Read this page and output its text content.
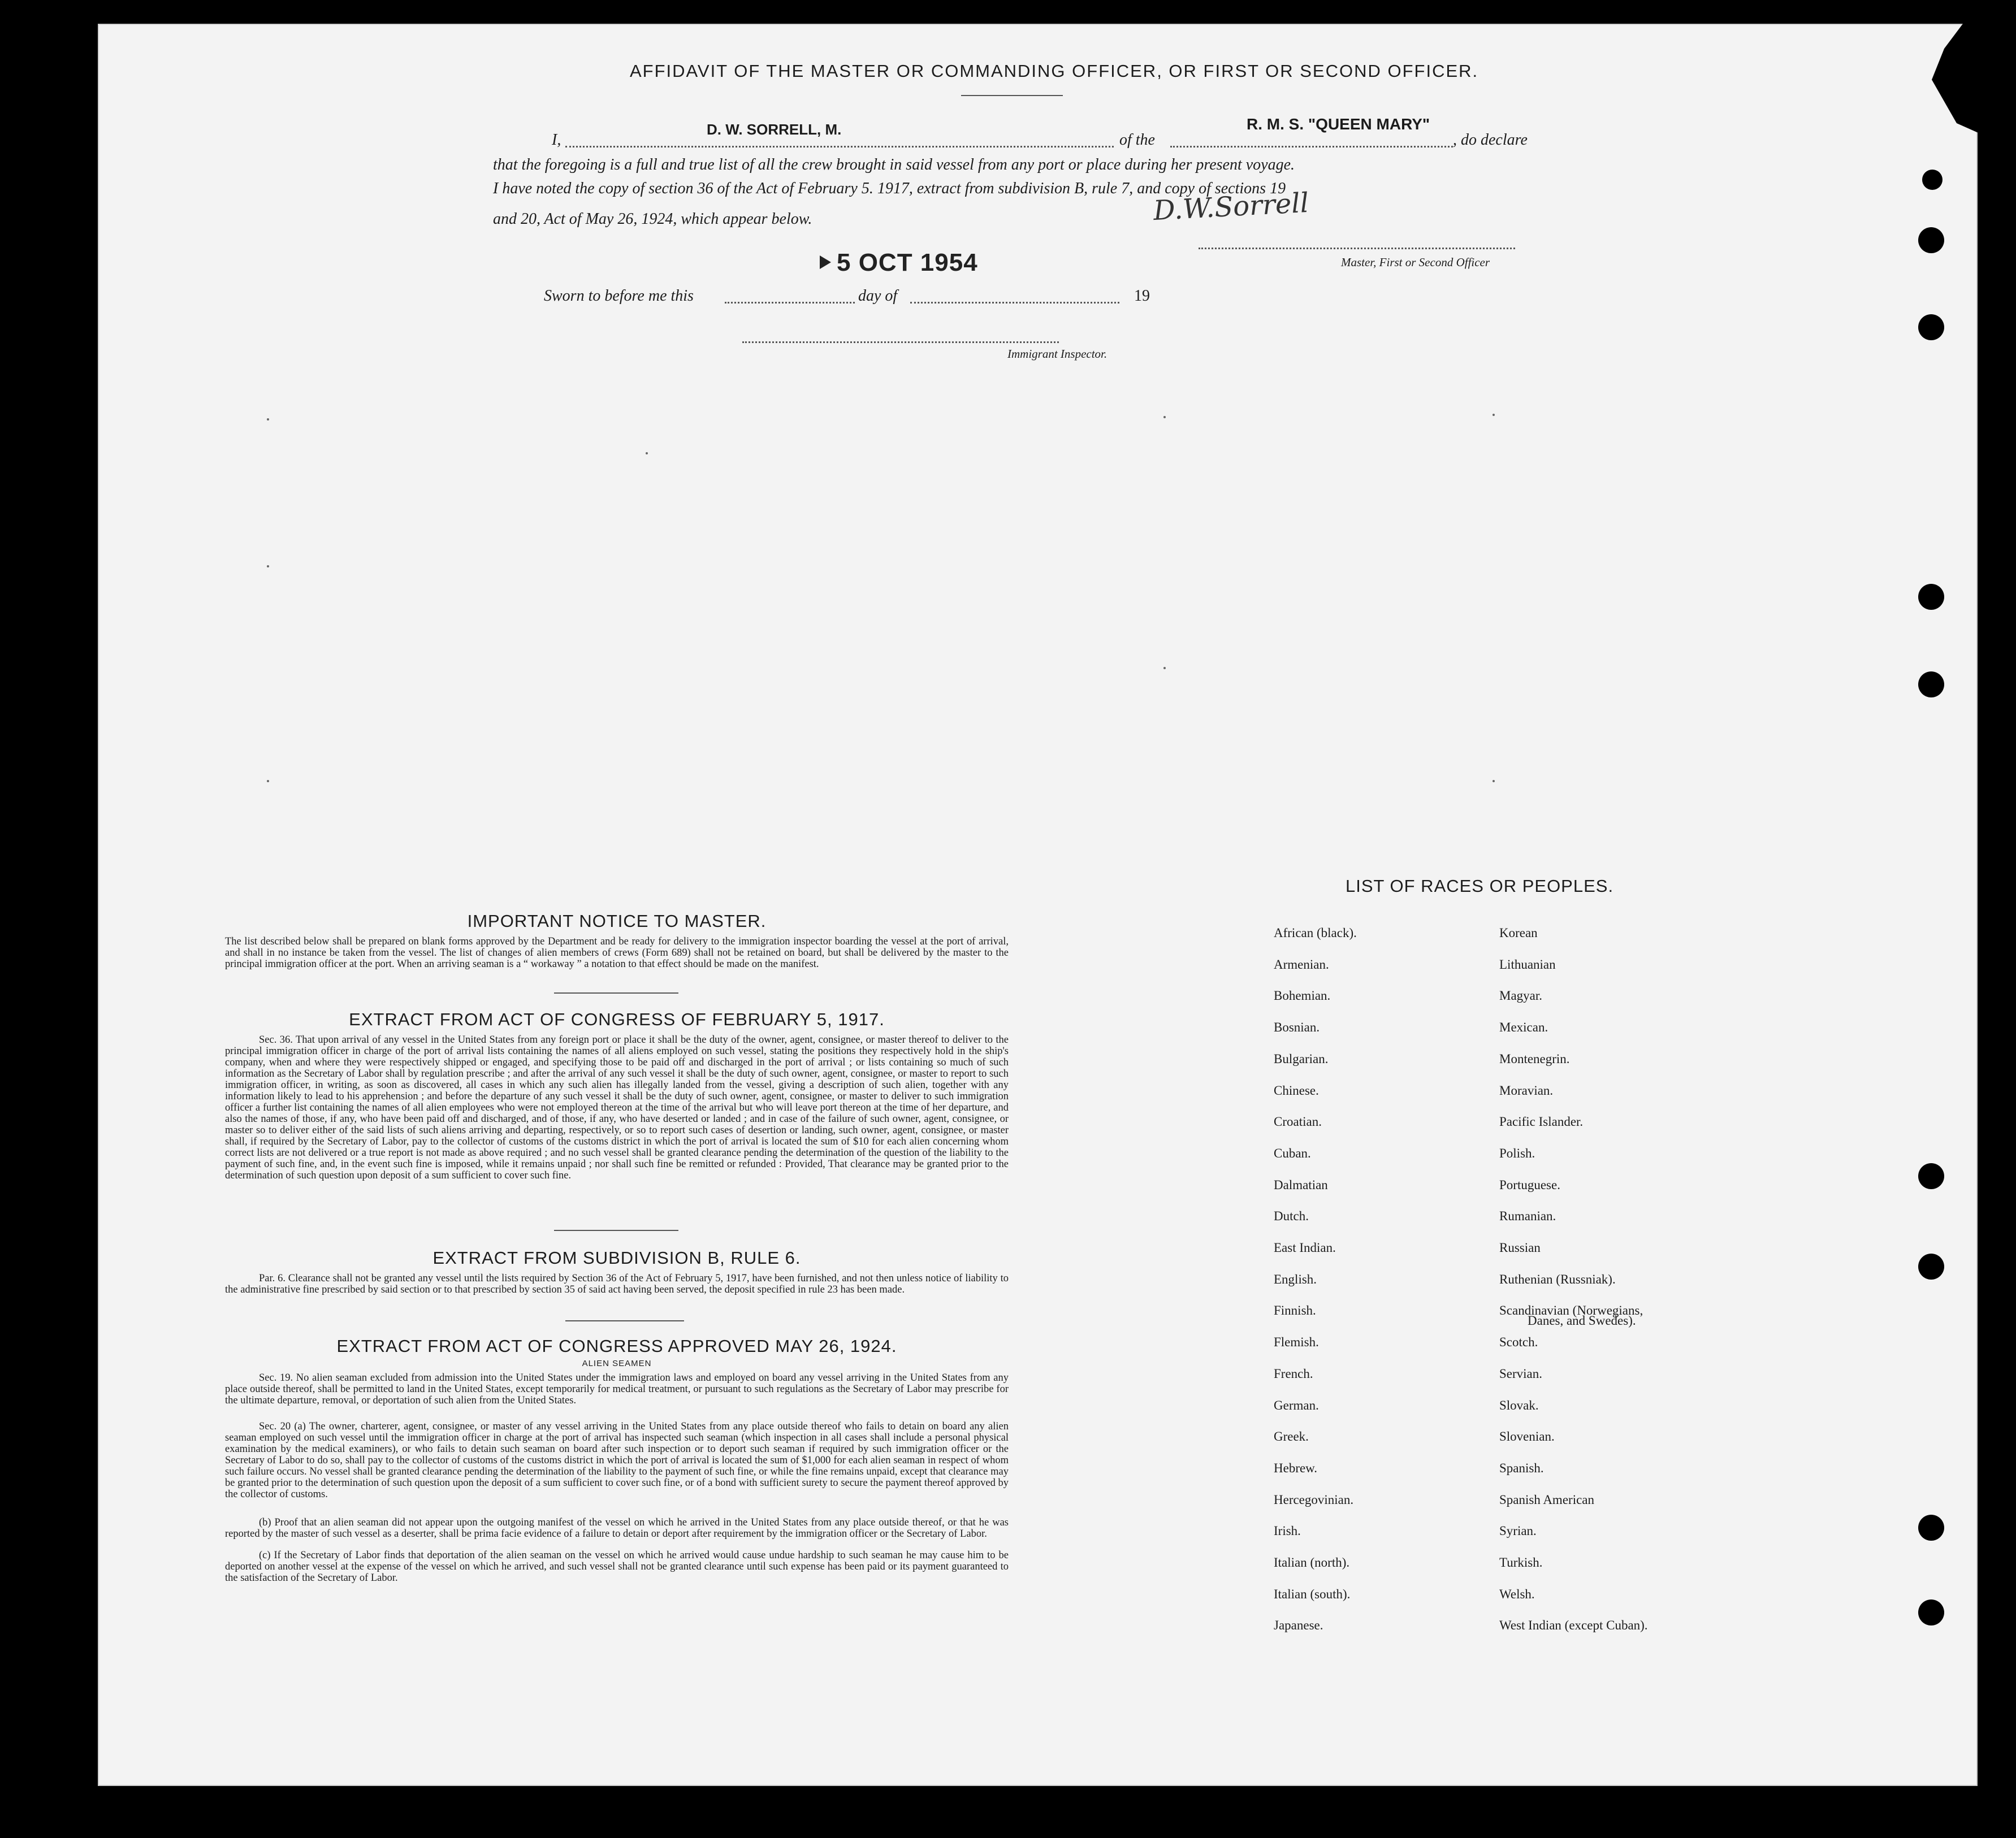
AFFIDAVIT OF THE MASTER OR COMMANDING OFFICER, OR FIRST OR SECOND OFFICER.
I,
D. W. SORRELL, M.
of the
R. M. S. "QUEEN MARY"
, do declare
that the foregoing is a full and true list of all the crew brought in said vessel from any port or place during her present voyage.
I have noted the copy of section 36 of the Act of February 5. 1917, extract from subdivision B, rule 7, and copy of sections 19
and 20, Act of May 26, 1924, which appear below.	D.W.Sorrell
Master, First or Second Officer
5 OCT 1954
Sworn to before me this	day of	19
Immigrant Inspector.
IMPORTANT NOTICE TO MASTER.
The list described below shall be prepared on blank forms approved by the Department and be ready for delivery to the immigration inspector boarding the vessel at the port of arrival, and shall in no instance be taken from the vessel. The list of changes of alien members of crews (Form 689) shall not be retained on board, but shall be delivered by the master to the principal immigration officer at the port. When an arriving seaman is a “ workaway ” a notation to that effect should be made on the manifest.
EXTRACT FROM ACT OF CONGRESS OF FEBRUARY 5, 1917.
Sec. 36. That upon arrival of any vessel in the United States from any foreign port or place it shall be the duty of the owner, agent, consignee, or master thereof to deliver to the principal immigration officer in charge of the port of arrival lists containing the names of all aliens employed on such vessel, stating the positions they respectively hold in the ship's company, when and where they were respectively shipped or engaged, and specifying those to be paid off and discharged in the port of arrival ; or lists containing so much of such information as the Secretary of Labor shall by regulation prescribe ; and after the arrival of any such vessel it shall be the duty of such owner, agent, consignee, or master to report to such immigration officer, in writing, as soon as discovered, all cases in which any such alien has illegally landed from the vessel, giving a description of such alien, together with any information likely to lead to his apprehension ; and before the departure of any such vessel it shall be the duty of such owner, agent, consignee, or master to deliver to such immigration officer a further list containing the names of all alien employees who were not employed thereon at the time of the arrival but who will leave port thereon at the time of her departure, and also the names of those, if any, who have been paid off and discharged, and of those, if any, who have deserted or landed ; and in case of the failure of such owner, agent, consignee, or master so to deliver either of the said lists of such aliens arriving and departing, respectively, or so to report such cases of desertion or landing, such owner, agent, consignee, or master shall, if required by the Secretary of Labor, pay to the collector of customs of the customs district in which the port of arrival is located the sum of $10 for each alien concerning whom correct lists are not delivered or a true report is not made as above required ; and no such vessel shall be granted clearance pending the determination of the question of the liability to the payment of such fine, and, in the event such fine is imposed, while it remains unpaid ; nor shall such fine be remitted or refunded : Provided, That clearance may be granted prior to the determination of such question upon deposit of a sum sufficient to cover such fine.
EXTRACT FROM SUBDIVISION B, RULE 6.
Par. 6. Clearance shall not be granted any vessel until the lists required by Section 36 of the Act of February 5, 1917, have been furnished, and not then unless notice of liability to the administrative fine prescribed by said section or to that prescribed by section 35 of said act having been served, the deposit specified in rule 23 has been made.
EXTRACT FROM ACT OF CONGRESS APPROVED MAY 26, 1924.
ALIEN SEAMEN
Sec. 19. No alien seaman excluded from admission into the United States under the immigration laws and employed on board any vessel arriving in the United States from any place outside thereof, shall be permitted to land in the United States, except temporarily for medical treatment, or pursuant to such regulations as the Secretary of Labor may prescribe for the ultimate departure, removal, or deportation of such alien from the United States.
Sec. 20 (a) The owner, charterer, agent, consignee, or master of any vessel arriving in the United States from any place outside thereof who fails to detain on board any alien seaman employed on such vessel until the immigration officer in charge at the port of arrival has inspected such seaman (which inspection in all cases shall include a personal physical examination by the medical examiners), or who fails to detain such seaman on board after such inspection or to deport such seaman if required by such immigration officer or the Secretary of Labor to do so, shall pay to the collector of customs of the customs district in which the port of arrival is located the sum of $1,000 for each alien seaman in respect of whom such failure occurs. No vessel shall be granted clearance pending the determination of the liability to the payment of such fine, or while the fine remains unpaid, except that clearance may be granted prior to the determination of such question upon the deposit of a sum sufficient to cover such fine, or of a bond with sufficient surety to secure the payment thereof approved by the collector of customs.
(b) Proof that an alien seaman did not appear upon the outgoing manifest of the vessel on which he arrived in the United States from any place outside thereof, or that he was reported by the master of such vessel as a deserter, shall be prima facie evidence of a failure to detain or deport after requirement by the immigration officer or the Secretary of Labor.
(c) If the Secretary of Labor finds that deportation of the alien seaman on the vessel on which he arrived would cause undue hardship to such seaman he may cause him to be deported on another vessel at the expense of the vessel on which he arrived, and such vessel shall not be granted clearance until such expense has been paid or its payment guaranteed to the satisfaction of the Secretary of Labor.
LIST OF RACES OR PEOPLES.
African (black).
Armenian.
Bohemian.
Bosnian.
Bulgarian.
Chinese.
Croatian.
Cuban.
Dalmatian
Dutch.
East Indian.
English.
Finnish.
Flemish.
French.
German.
Greek.
Hebrew.
Hercegovinian.
Irish.
Italian (north).
Italian (south).
Japanese.
Korean
Lithuanian
Magyar.
Mexican.
Montenegrin.
Moravian.
Pacific Islander.
Polish.
Portuguese.
Rumanian.
Russian
Ruthenian (Russniak).
Scandinavian (Norwegians,
Scotch.
Servian.
Slovak.
Slovenian.
Spanish.
Spanish American
Syrian.
Turkish.
Welsh.
West Indian (except Cuban).
Danes, and Swedes).
